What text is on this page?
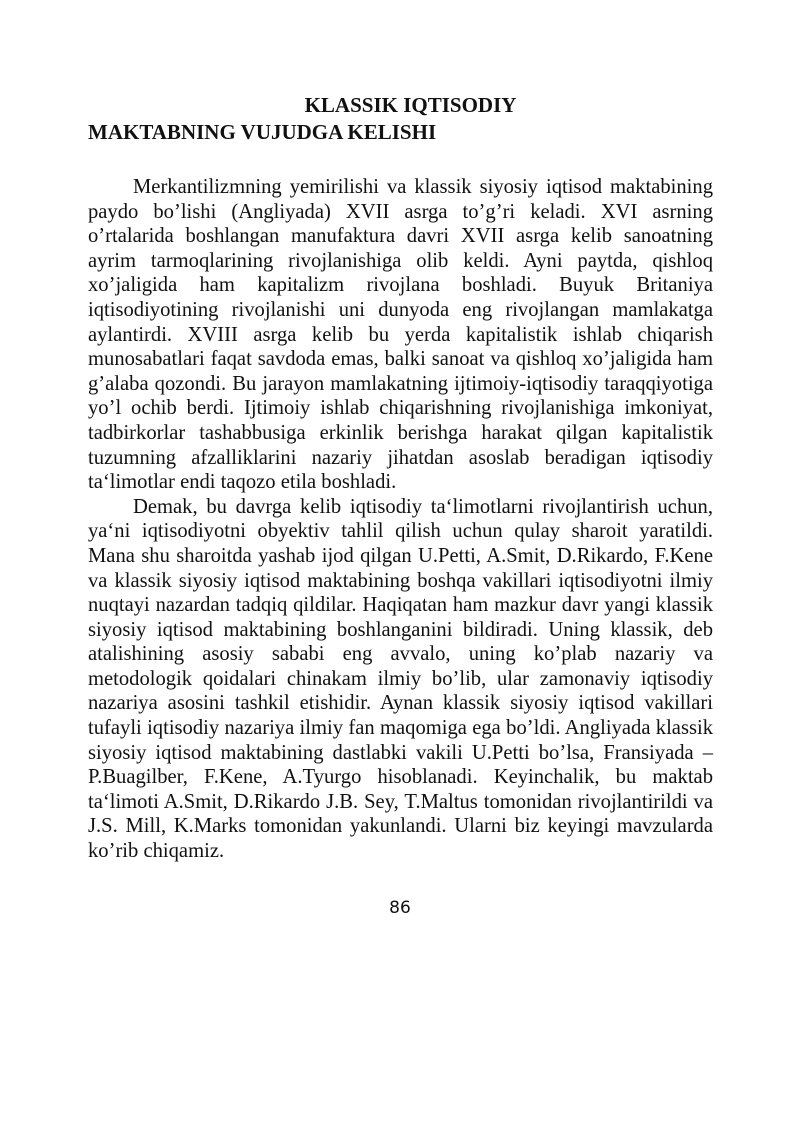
KLASSIK IQTISODIY
MAKTABNING VUJUDGA KELISHI

Merkantilizmning yemirilishi va klassik siyosiy iqtisod maktabining paydo bo’lishi (Angliyada) XVII asrga to’g’ri keladi. XVI asrning o’rtalarida boshlangan manufaktura davri XVII asrga kelib sanoatning ayrim tarmoqlarining rivojlanishiga olib keldi. Ayni paytda, qishloq xo’jaligida ham kapitalizm rivojlana boshladi. Buyuk Britaniya iqtisodiyotining rivojlanishi uni dunyoda eng rivojlangan mamlakatga aylantirdi. XVIII asrga kelib bu yerda kapitalistik ishlab chiqarish munosabatlari faqat savdoda emas, balki sanoat va qishloq xo’jaligida ham g’alaba qozondi. Bu jarayon mamlakatning ijtimoiy-iqtisodiy taraqqiyotiga yo’l ochib berdi. Ijtimoiy ishlab chiqarishning rivojlanishiga imkoniyat, tadbirkorlar tashabbusiga erkinlik berishga harakat qilgan kapitalistik tuzumning afzalliklarini nazariy jihatdan asoslab beradigan iqtisodiy ta‘limotlar endi taqozo etila boshladi.

Demak, bu davrga kelib iqtisodiy ta‘limotlarni rivojlantirish uchun, ya‘ni iqtisodiyotni obyektiv tahlil qilish uchun qulay sharoit yaratildi. Mana shu sharoitda yashab ijod qilgan U.Petti, A.Smit, D.Rikardo, F.Kene va klassik siyosiy iqtisod maktabining boshqa vakillari iqtisodiyotni ilmiy nuqtayi nazardan tadqiq qildilar. Haqiqatan ham mazkur davr yangi klassik siyosiy iqtisod maktabining boshlanganini bildiradi. Uning klassik, deb atalishining asosiy sababi eng avvalo, uning ko’plab nazariy va metodologik qoidalari chinakam ilmiy bo’lib, ular zamonaviy iqtisodiy nazariya asosini tashkil etishidir. Aynan klassik siyosiy iqtisod vakillari tufayli iqtisodiy nazariya ilmiy fan maqomiga ega bo’ldi. Angliyada klassik siyosiy iqtisod maktabining dastlabki vakili U.Petti bo’lsa, Fransiyada – P.Buagilber, F.Kene, A.Tyurgo hisoblanadi. Keyinchalik, bu maktab ta‘limoti A.Smit, D.Rikardo J.B. Sey, T.Maltus tomonidan rivojlantirildi va J.S. Mill, K.Marks tomonidan yakunlandi. Ularni biz keyingi mavzularda ko’rib chiqamiz.

86
